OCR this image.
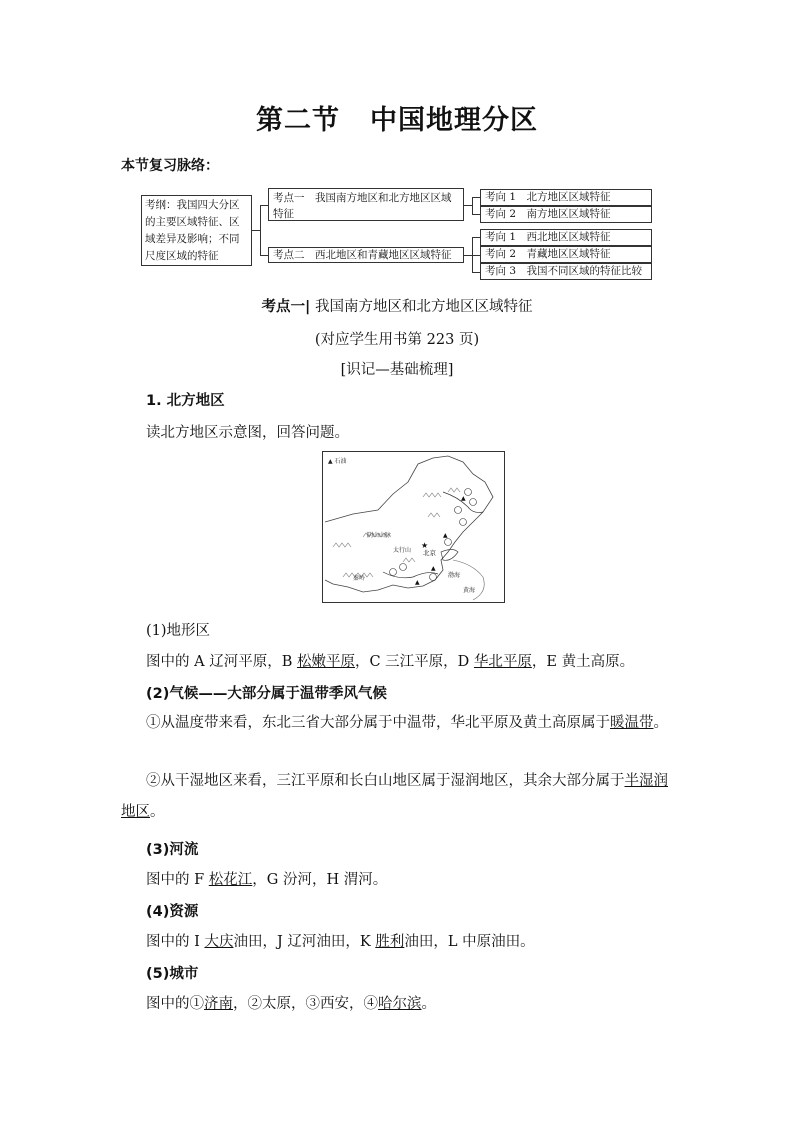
第二节 中国地理分区
本节复习脉络：
考纲：我国四大分区
的主要区域特征、区
域差异及影响；不同
尺度区域的特征
考点一　我国南方地区和北方地区区域
特征
考点二　西北地区和青藏地区区域特征
考向 1　北方地区区域特征
考向 2　南方地区区域特征
考向 1　西北地区区域特征
考向 2　青藏地区区域特征
考向 3　我国不同区域的特征比较
考点一| 我国南方地区和北方地区区域特征
(对应学生用书第 223 页)
[识记—基础梳理]
1. 北方地区
读北方地区示意图，回答问题。
▲ 石油
阴山山脉
太行山
秦岭
北京
渤海
黄海
★
▲
▲
▲
▲
(1)地形区
图中的 A 辽河平原，B 松嫩平原，C 三江平原，D 华北平原，E 黄土高原。
(2)气候——大部分属于温带季风气候
①从温度带来看，东北三省大部分属于中温带，华北平原及黄土高原属于暖温带。
②从干湿地区来看，三江平原和长白山地区属于湿润地区，其余大部分属于半湿润地区。
(3)河流
图中的 F 松花江，G 汾河，H 渭河。
(4)资源
图中的 I 大庆油田，J 辽河油田，K 胜利油田，L 中原油田。
(5)城市
图中的①济南，②太原，③西安，④哈尔滨。
